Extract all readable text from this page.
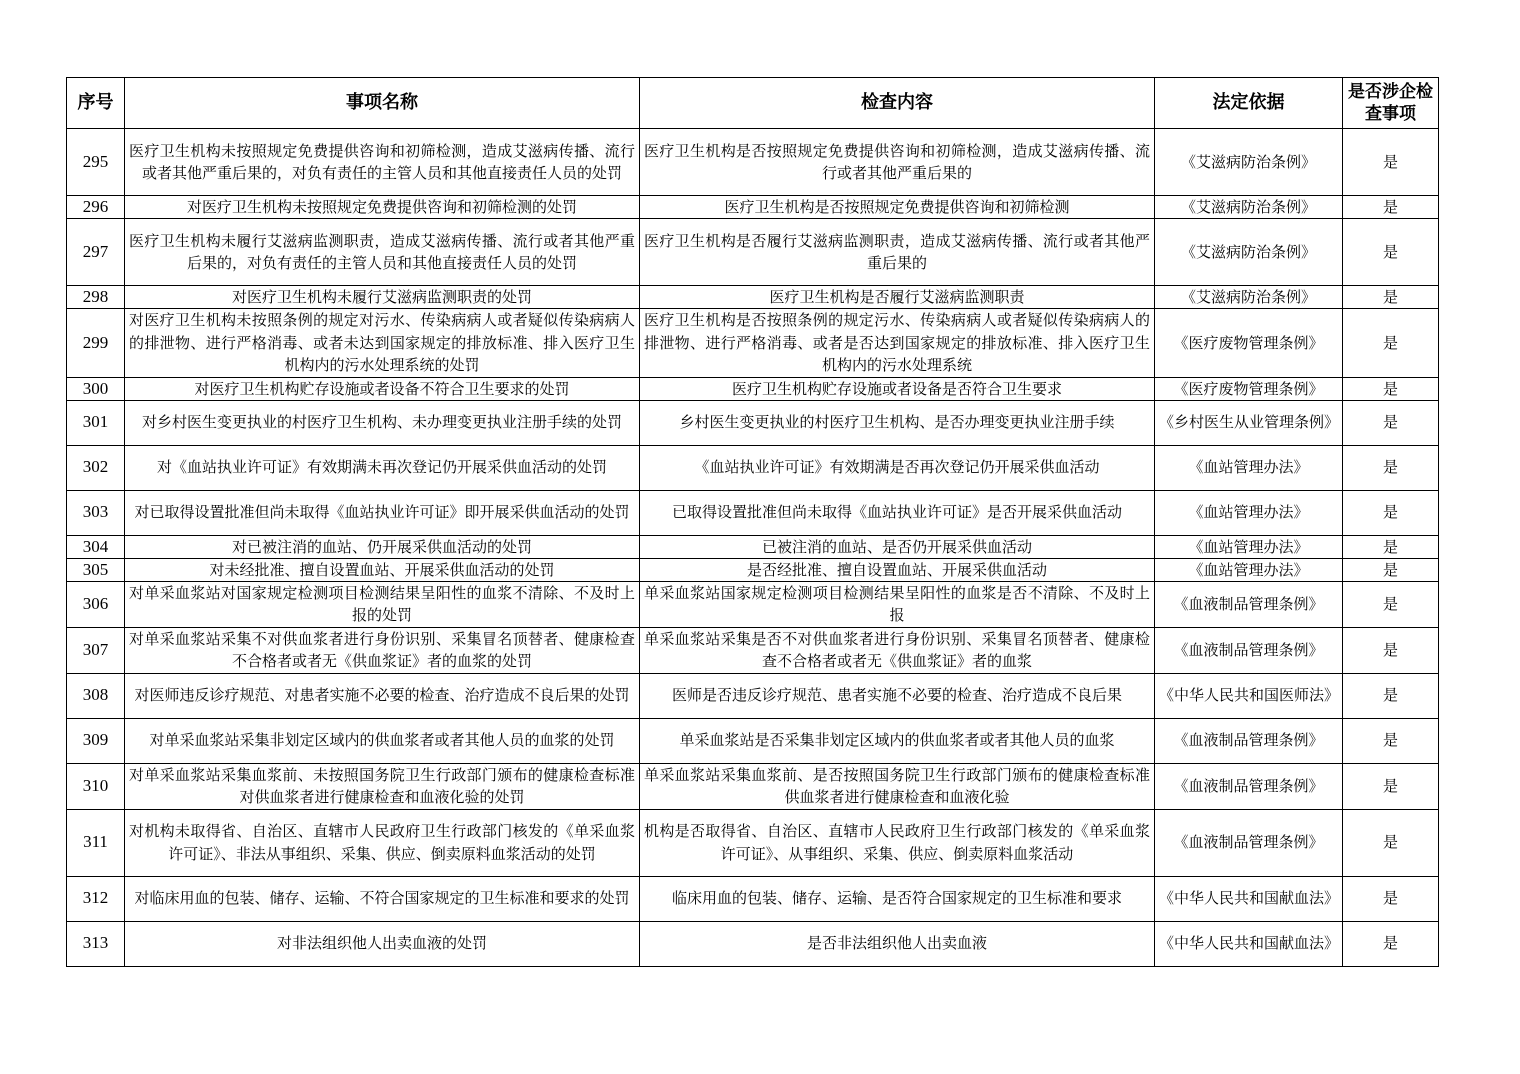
序号	事项名称	检查内容	法定依据	是否涉企检查事项
295	医疗卫生机构未按照规定免费提供咨询和初筛检测，造成艾滋病传播、流行或者其他严重后果的，对负有责任的主管人员和其他直接责任人员的处罚	医疗卫生机构是否按照规定免费提供咨询和初筛检测，造成艾滋病传播、流行或者其他严重后果的	《艾滋病防治条例》	是
296	对医疗卫生机构未按照规定免费提供咨询和初筛检测的处罚	医疗卫生机构是否按照规定免费提供咨询和初筛检测	《艾滋病防治条例》	是
297	医疗卫生机构未履行艾滋病监测职责，造成艾滋病传播、流行或者其他严重后果的，对负有责任的主管人员和其他直接责任人员的处罚	医疗卫生机构是否履行艾滋病监测职责，造成艾滋病传播、流行或者其他严重后果的	《艾滋病防治条例》	是
298	对医疗卫生机构未履行艾滋病监测职责的处罚	医疗卫生机构是否履行艾滋病监测职责	《艾滋病防治条例》	是
299	对医疗卫生机构未按照条例的规定对污水、传染病病人或者疑似传染病病人的排泄物、进行严格消毒、或者未达到国家规定的排放标准、排入医疗卫生机构内的污水处理系统的处罚	医疗卫生机构是否按照条例的规定污水、传染病病人或者疑似传染病病人的排泄物、进行严格消毒、或者是否达到国家规定的排放标准、排入医疗卫生机构内的污水处理系统	《医疗废物管理条例》	是
300	对医疗卫生机构贮存设施或者设备不符合卫生要求的处罚	医疗卫生机构贮存设施或者设备是否符合卫生要求	《医疗废物管理条例》	是
301	对乡村医生变更执业的村医疗卫生机构、未办理变更执业注册手续的处罚	乡村医生变更执业的村医疗卫生机构、是否办理变更执业注册手续	《乡村医生从业管理条例》	是
302	对《血站执业许可证》有效期满未再次登记仍开展采供血活动的处罚	《血站执业许可证》有效期满是否再次登记仍开展采供血活动	《血站管理办法》	是
303	对已取得设置批准但尚未取得《血站执业许可证》即开展采供血活动的处罚	已取得设置批准但尚未取得《血站执业许可证》是否开展采供血活动	《血站管理办法》	是
304	对已被注消的血站、仍开展采供血活动的处罚	已被注消的血站、是否仍开展采供血活动	《血站管理办法》	是
305	对未经批准、擅自设置血站、开展采供血活动的处罚	是否经批准、擅自设置血站、开展采供血活动	《血站管理办法》	是
306	对单采血浆站对国家规定检测项目检测结果呈阳性的血浆不清除、不及时上报的处罚	单采血浆站国家规定检测项目检测结果呈阳性的血浆是否不清除、不及时上报	《血液制品管理条例》	是
307	对单采血浆站采集不对供血浆者进行身份识别、采集冒名顶替者、健康检查不合格者或者无《供血浆证》者的血浆的处罚	单采血浆站采集是否不对供血浆者进行身份识别、采集冒名顶替者、健康检查不合格者或者无《供血浆证》者的血浆	《血液制品管理条例》	是
308	对医师违反诊疗规范、对患者实施不必要的检查、治疗造成不良后果的处罚	医师是否违反诊疗规范、患者实施不必要的检查、治疗造成不良后果	《中华人民共和国医师法》	是
309	对单采血浆站采集非划定区域内的供血浆者或者其他人员的血浆的处罚	单采血浆站是否采集非划定区域内的供血浆者或者其他人员的血浆	《血液制品管理条例》	是
310	对单采血浆站采集血浆前、未按照国务院卫生行政部门颁布的健康检查标准对供血浆者进行健康检查和血液化验的处罚	单采血浆站采集血浆前、是否按照国务院卫生行政部门颁布的健康检查标准供血浆者进行健康检查和血液化验	《血液制品管理条例》	是
311	对机构未取得省、自治区、直辖市人民政府卫生行政部门核发的《单采血浆许可证》、非法从事组织、采集、供应、倒卖原料血浆活动的处罚	机构是否取得省、自治区、直辖市人民政府卫生行政部门核发的《单采血浆许可证》、从事组织、采集、供应、倒卖原料血浆活动	《血液制品管理条例》	是
312	对临床用血的包装、储存、运输、不符合国家规定的卫生标准和要求的处罚	临床用血的包装、储存、运输、是否符合国家规定的卫生标准和要求	《中华人民共和国献血法》	是
313	对非法组织他人出卖血液的处罚	是否非法组织他人出卖血液	《中华人民共和国献血法》	是
